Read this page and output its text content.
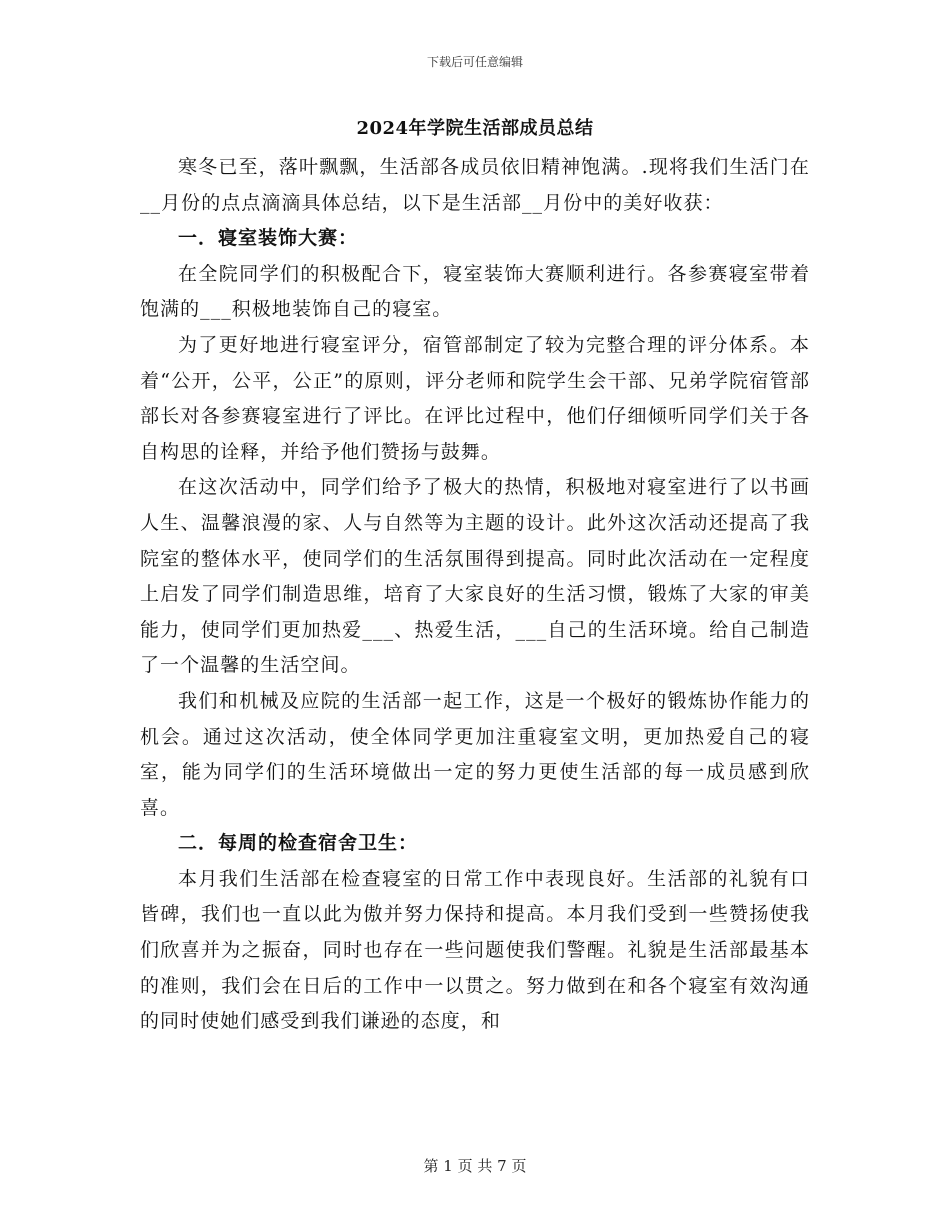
下载后可任意编辑
2024年学院生活部成员总结

寒冬已至，落叶飘飘，生活部各成员依旧精神饱满。.现将我们生活门在__月份的点点滴滴具体总结，以下是生活部__月份中的美好收获：

一．寝室装饰大赛：

在全院同学们的积极配合下，寝室装饰大赛顺利进行。各参赛寝室带着饱满的___积极地装饰自己的寝室。

为了更好地进行寝室评分，宿管部制定了较为完整合理的评分体系。本着“公开，公平，公正”的原则，评分老师和院学生会干部、兄弟学院宿管部部长对各参赛寝室进行了评比。在评比过程中，他们仔细倾听同学们关于各自构思的诠释，并给予他们赞扬与鼓舞。

在这次活动中，同学们给予了极大的热情，积极地对寝室进行了以书画人生、温馨浪漫的家、人与自然等为主题的设计。此外这次活动还提高了我院室的整体水平，使同学们的生活氛围得到提高。同时此次活动在一定程度上启发了同学们制造思维，培育了大家良好的生活习惯，锻炼了大家的审美能力，使同学们更加热爱___、热爱生活，___自己的生活环境。给自己制造了一个温馨的生活空间。

我们和机械及应院的生活部一起工作，这是一个极好的锻炼协作能力的机会。通过这次活动，使全体同学更加注重寝室文明，更加热爱自己的寝室，能为同学们的生活环境做出一定的努力更使生活部的每一成员感到欣喜。

二．每周的检查宿舍卫生：

本月我们生活部在检查寝室的日常工作中表现良好。生活部的礼貌有口皆碑，我们也一直以此为傲并努力保持和提高。本月我们受到一些赞扬使我们欣喜并为之振奋，同时也存在一些问题使我们警醒。礼貌是生活部最基本的准则，我们会在日后的工作中一以贯之。努力做到在和各个寝室有效沟通的同时使她们感受到我们谦逊的态度，和

第 1 页 共 7 页
